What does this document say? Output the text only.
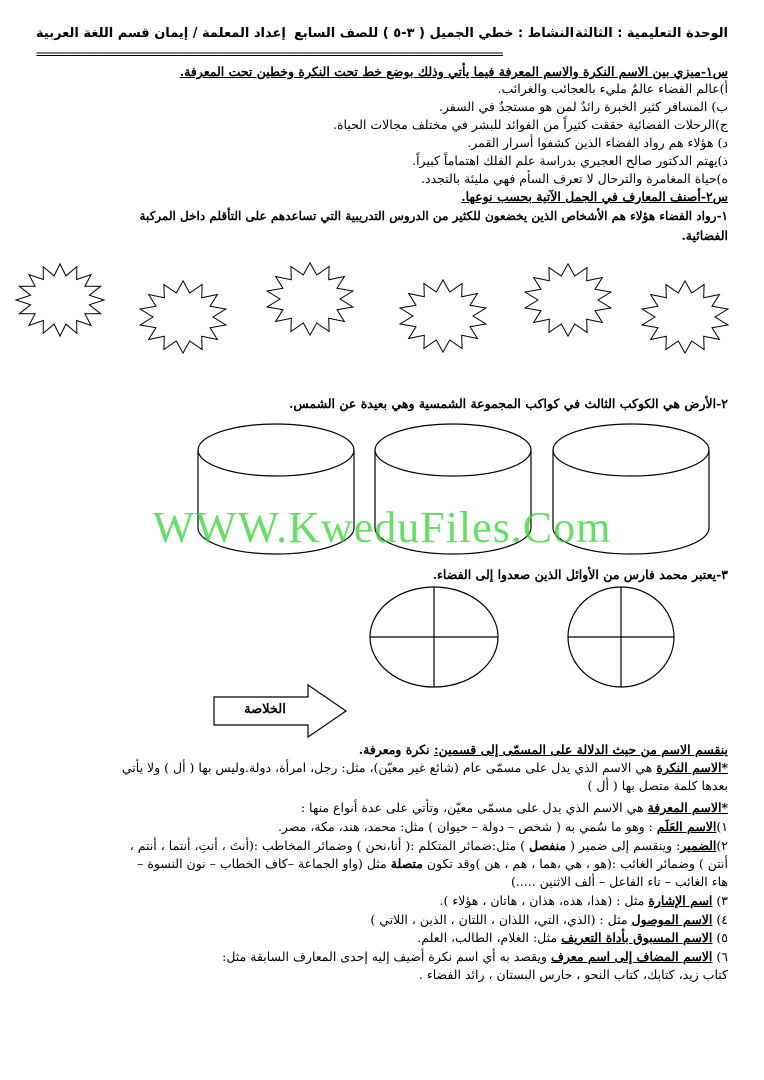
إعداد المعلمة / إيمان قسم اللغة العربية النشاط : خطي الجميل ( ٣-٥ ) للصف السابع الوحدة التعليمية : الثالثة
================================================================================
س١-ميزي بين الاسم النكرة والاسم المعرفة فيما يأتي وذلك بوضع خط تحت النكرة وخطين تحت المعرفة.
أ)عالم الفضاء عالمٌ مليء بالعجائب والغرائب.
ب) المسافر كثير الخبرة رائدٌ لمن هو مستجدٌ في السفر.
ج)الرحلات الفضائية حققت كثيراً من الفوائد للبشر في مختلف مجالات الحياة.
د) هؤلاء هم رواد الفضاء الذين كشفوا أسرار القمر.
ذ)يهتم الدكتور صالح العجيري بدراسة علم الفلك اهتماماً كبيراً.
ه)حياة المغامرة والترحال لا تعرف السأم فهي مليئة بالتجدد.
س٢-أصنف المعارف في الجمل الآتية بحسب نوعها.
١-رواد الفضاء هؤلاء هم الأشخاص الذين يخضعون للكثير من الدروس التدريبية التي تساعدهم على التأقلم داخل المركبة
الفضائية.
٢-الأرض هي الكوكب الثالث في كواكب المجموعة الشمسية وهي بعيدة عن الشمس.
WWW.KweduFiles.Com
٣-يعتبر محمد فارس من الأوائل الذين صعدوا إلى الفضاء.
الخلاصة
ينقسم الاسم من حيث الدلالة على المسمّى إلى قسمين: نكرة ومعرفة.
*الاسم النكرة هي الاسم الذي يدل على مسمّى عام (شائع غير معيّن)، مثل: رجل، امرأة، دولة.وليس بها ( أل ) ولا يأتي
بعدها كلمة متصل بها ( أل )
*الاسم المعرفة هي الاسم الذي يدل على مسمّى معيّن، وتأتي على عدة أنواع منها :
١)الاسم العَلَم : وهو ما سُمي به ( شخص – دولة – حيوان ) مثل: محمد، هند، مكة، مصر.
٢)الضمير: وينقسم إلى ضمير ( منفصل ) مثل:ضمائر المتكلم :( أنا،نحن ) وضمائر المخاطب :(أنتَ ، أنتِ، أنتما ، أنتم ،
أنتن ) وضمائر الغائب :(هو ، هي ،هما ، هم ، هن )وقد تكون متصلة مثل (واو الجماعة –كاف الخطاب – نون النسوة –
هاء الغائب – تاء الفاعل – ألف الاثنين .....)
٣) اسم الإشارة مثل : (هذا، هذه، هذان ، هاتان ، هؤلاء ).
٤) الاسم الموصول مثل : (الذي، التي، اللذان ، اللتان ، الذين ، اللاتي )
٥) الاسم المسبوق بأداة التعريف مثل: الغلام، الطالب، العلم.
٦) الاسم المضاف إلى اسم معرف ويقصد به أي اسم نكرة أضيف إليه إحدى المعارف السابقة مثل:
كتاب زيد، كتابك، كتاب النحو ، حارس البستان ، رائد الفضاء .
